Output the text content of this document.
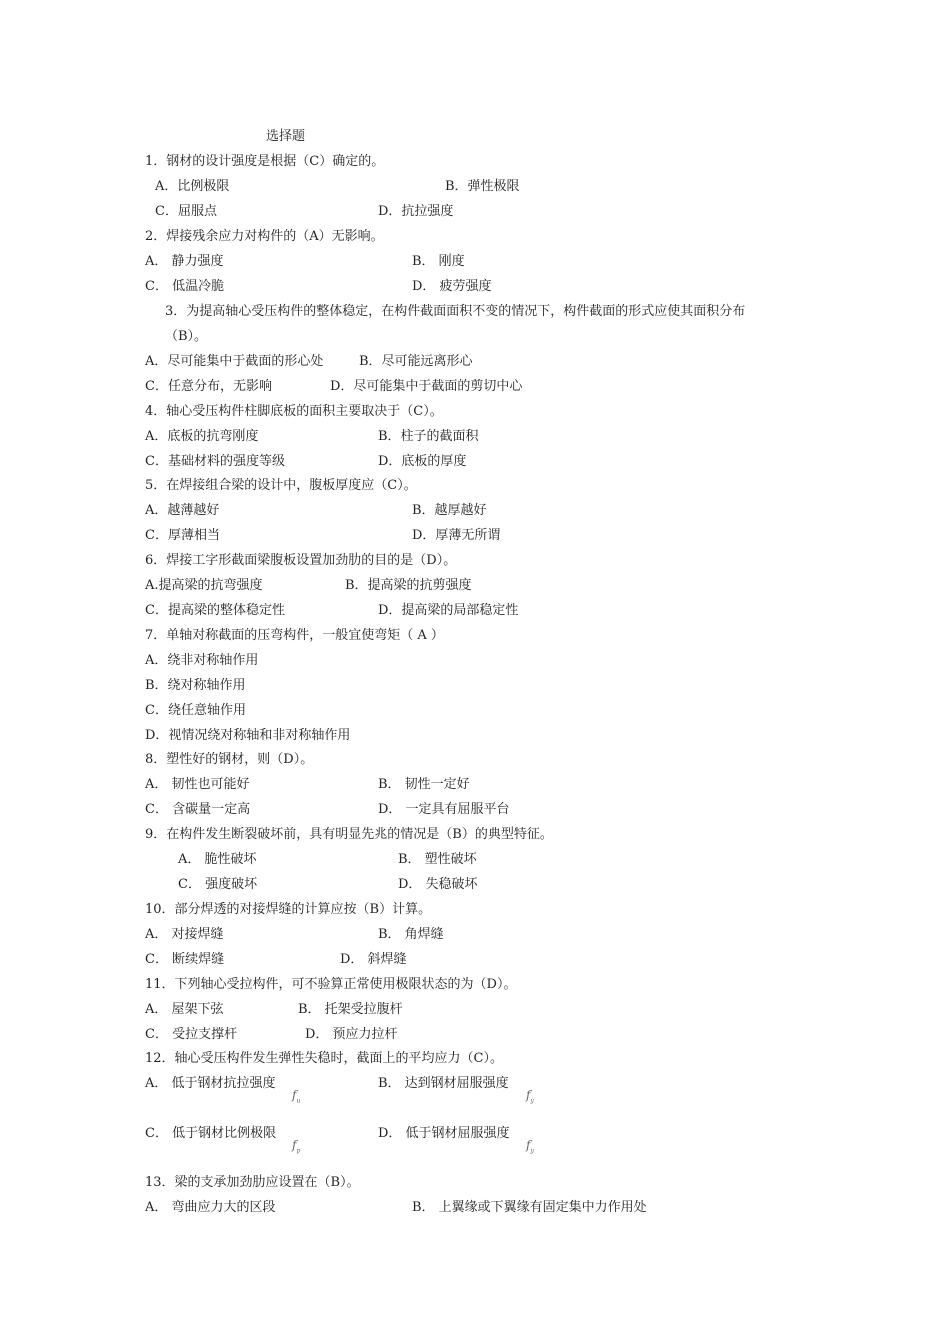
选择题
1．钢材的设计强度是根据（C）确定的。
A．比例极限	B．弹性极限
C．屈服点	D．抗拉强度
2．焊接残余应力对构件的（A）无影响。
A． 静力强度	B． 刚度
C． 低温冷脆	D． 疲劳强度
3．为提高轴心受压构件的整体稳定，在构件截面面积不变的情况下，构件截面的形式应使其面积分布
（B）。
A．尽可能集中于截面的形心处	B．尽可能远离形心
C．任意分布，无影响	D．尽可能集中于截面的剪切中心
4．轴心受压构件柱脚底板的面积主要取决于（C）。
A．底板的抗弯刚度	B．柱子的截面积
C．基础材料的强度等级	D．底板的厚度
5．在焊接组合梁的设计中，腹板厚度应（C）。
A．越薄越好	B．越厚越好
C．厚薄相当	D．厚薄无所谓
6．焊接工字形截面梁腹板设置加劲肋的目的是（D）。
A.提高梁的抗弯强度	B．提高梁的抗剪强度
C．提高梁的整体稳定性	D．提高梁的局部稳定性
7．单轴对称截面的压弯构件，一般宜使弯矩（ A ）
A．绕非对称轴作用
B．绕对称轴作用
C．绕任意轴作用
D．视情况绕对称轴和非对称轴作用
8．塑性好的钢材，则（D）。
A． 韧性也可能好	B． 韧性一定好
C． 含碳量一定高	D． 一定具有屈服平台
9．在构件发生断裂破坏前，具有明显先兆的情况是（B）的典型特征。
A． 脆性破坏	B． 塑性破坏
C． 强度破坏	D． 失稳破坏
10．部分焊透的对接焊缝的计算应按（B）计算。
A． 对接焊缝	B． 角焊缝
C． 断续焊缝	D． 斜焊缝
11．下列轴心受拉构件，可不验算正常使用极限状态的为（D）。
A． 屋架下弦	B． 托架受拉腹杆
C． 受拉支撑杆	D． 预应力拉杆
12．轴心受压构件发生弹性失稳时，截面上的平均应力（C）。
A． 低于钢材抗拉强度
$f_u$
B． 达到钢材屈服强度
$f_y$
C． 低于钢材比例极限
$f_p$
D． 低于钢材屈服强度
$f_y$
13．梁的支承加劲肋应设置在（B）。
A． 弯曲应力大的区段	B． 上翼缘或下翼缘有固定集中力作用处
